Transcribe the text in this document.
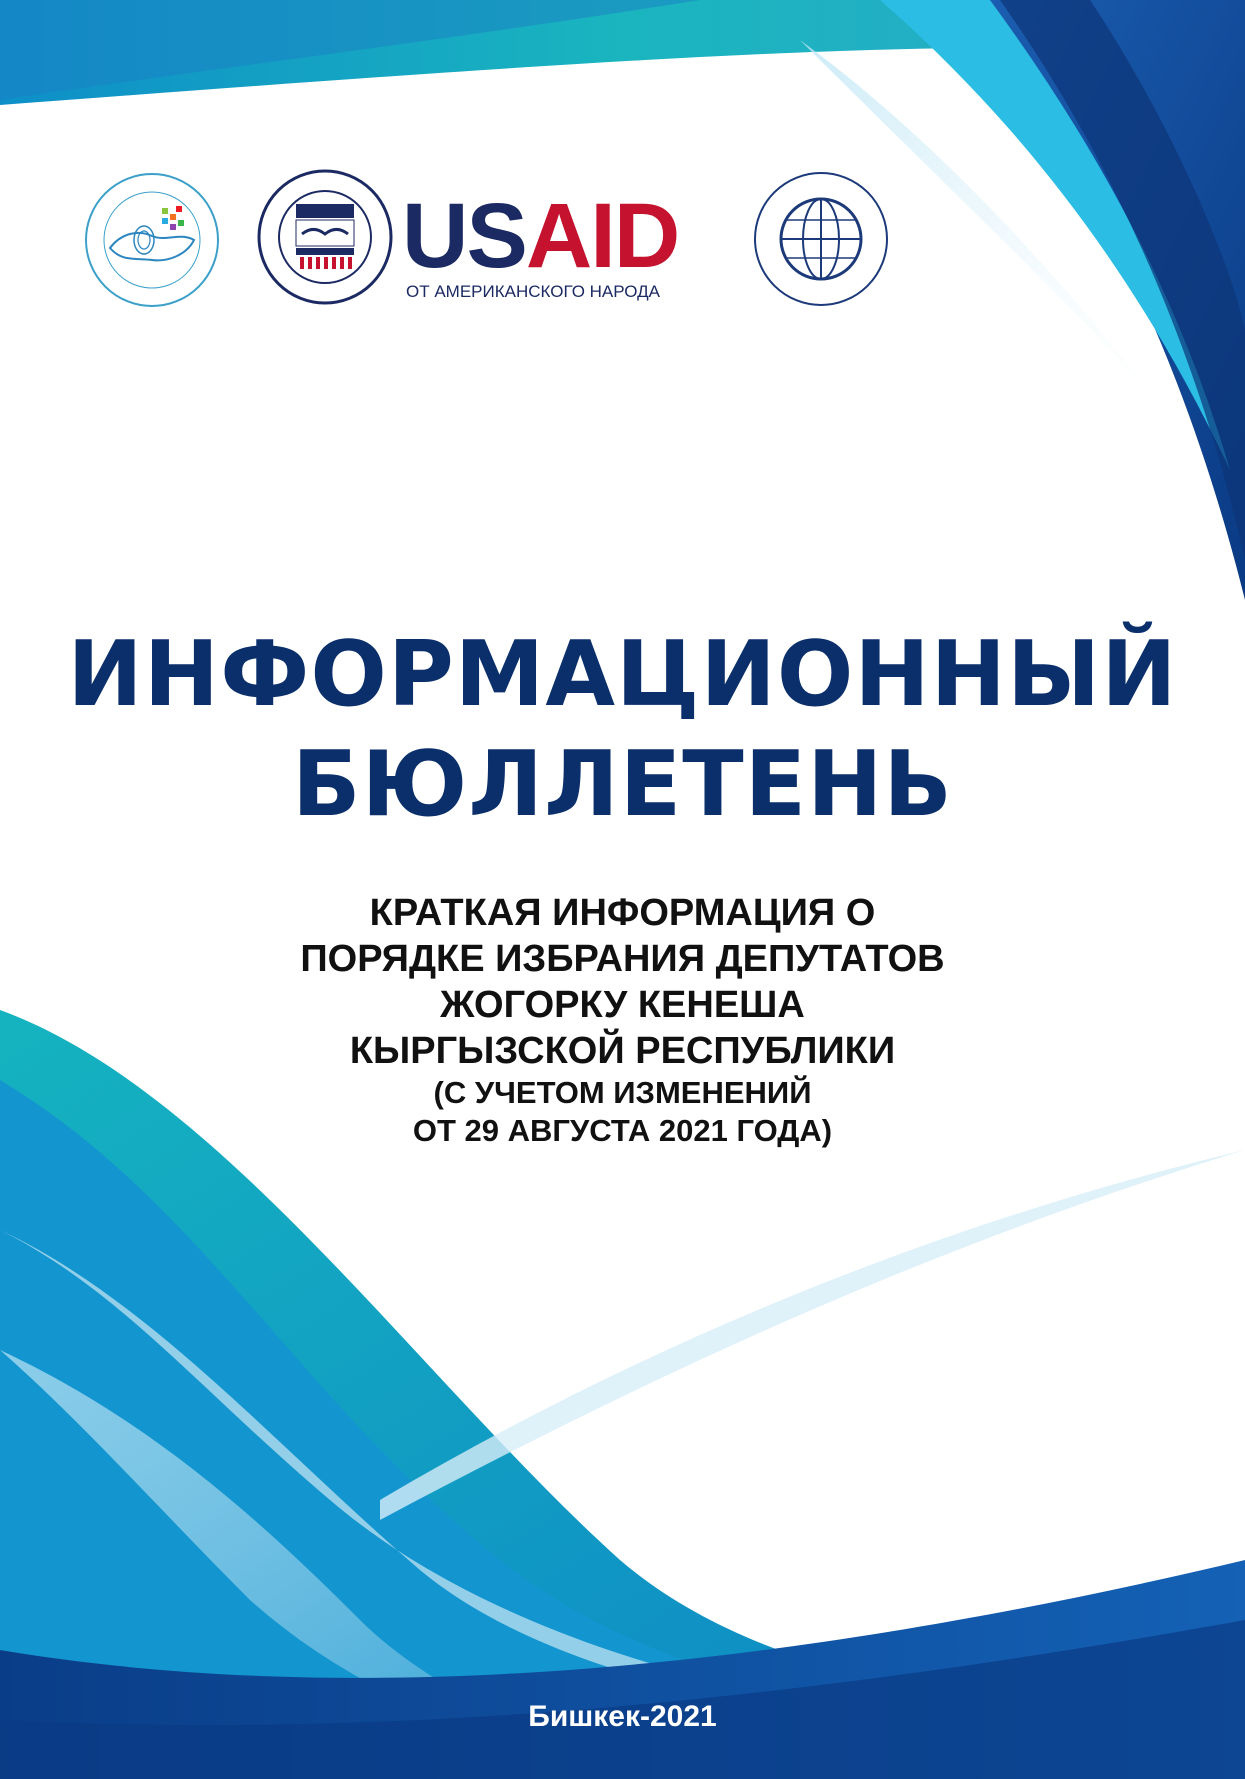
USAID
ОТ АМЕРИКАНСКОГО НАРОДА
ИНФОРМАЦИОННЫЙ
БЮЛЛЕТЕНЬ
КРАТКАЯ ИНФОРМАЦИЯ О
ПОРЯДКЕ ИЗБРАНИЯ ДЕПУТАТОВ
ЖОГОРКУ КЕНЕША
КЫРГЫЗСКОЙ РЕСПУБЛИКИ
(С УЧЕТОМ ИЗМЕНЕНИЙ
ОТ 29 АВГУСТА 2021 ГОДА)
Бишкек-2021
